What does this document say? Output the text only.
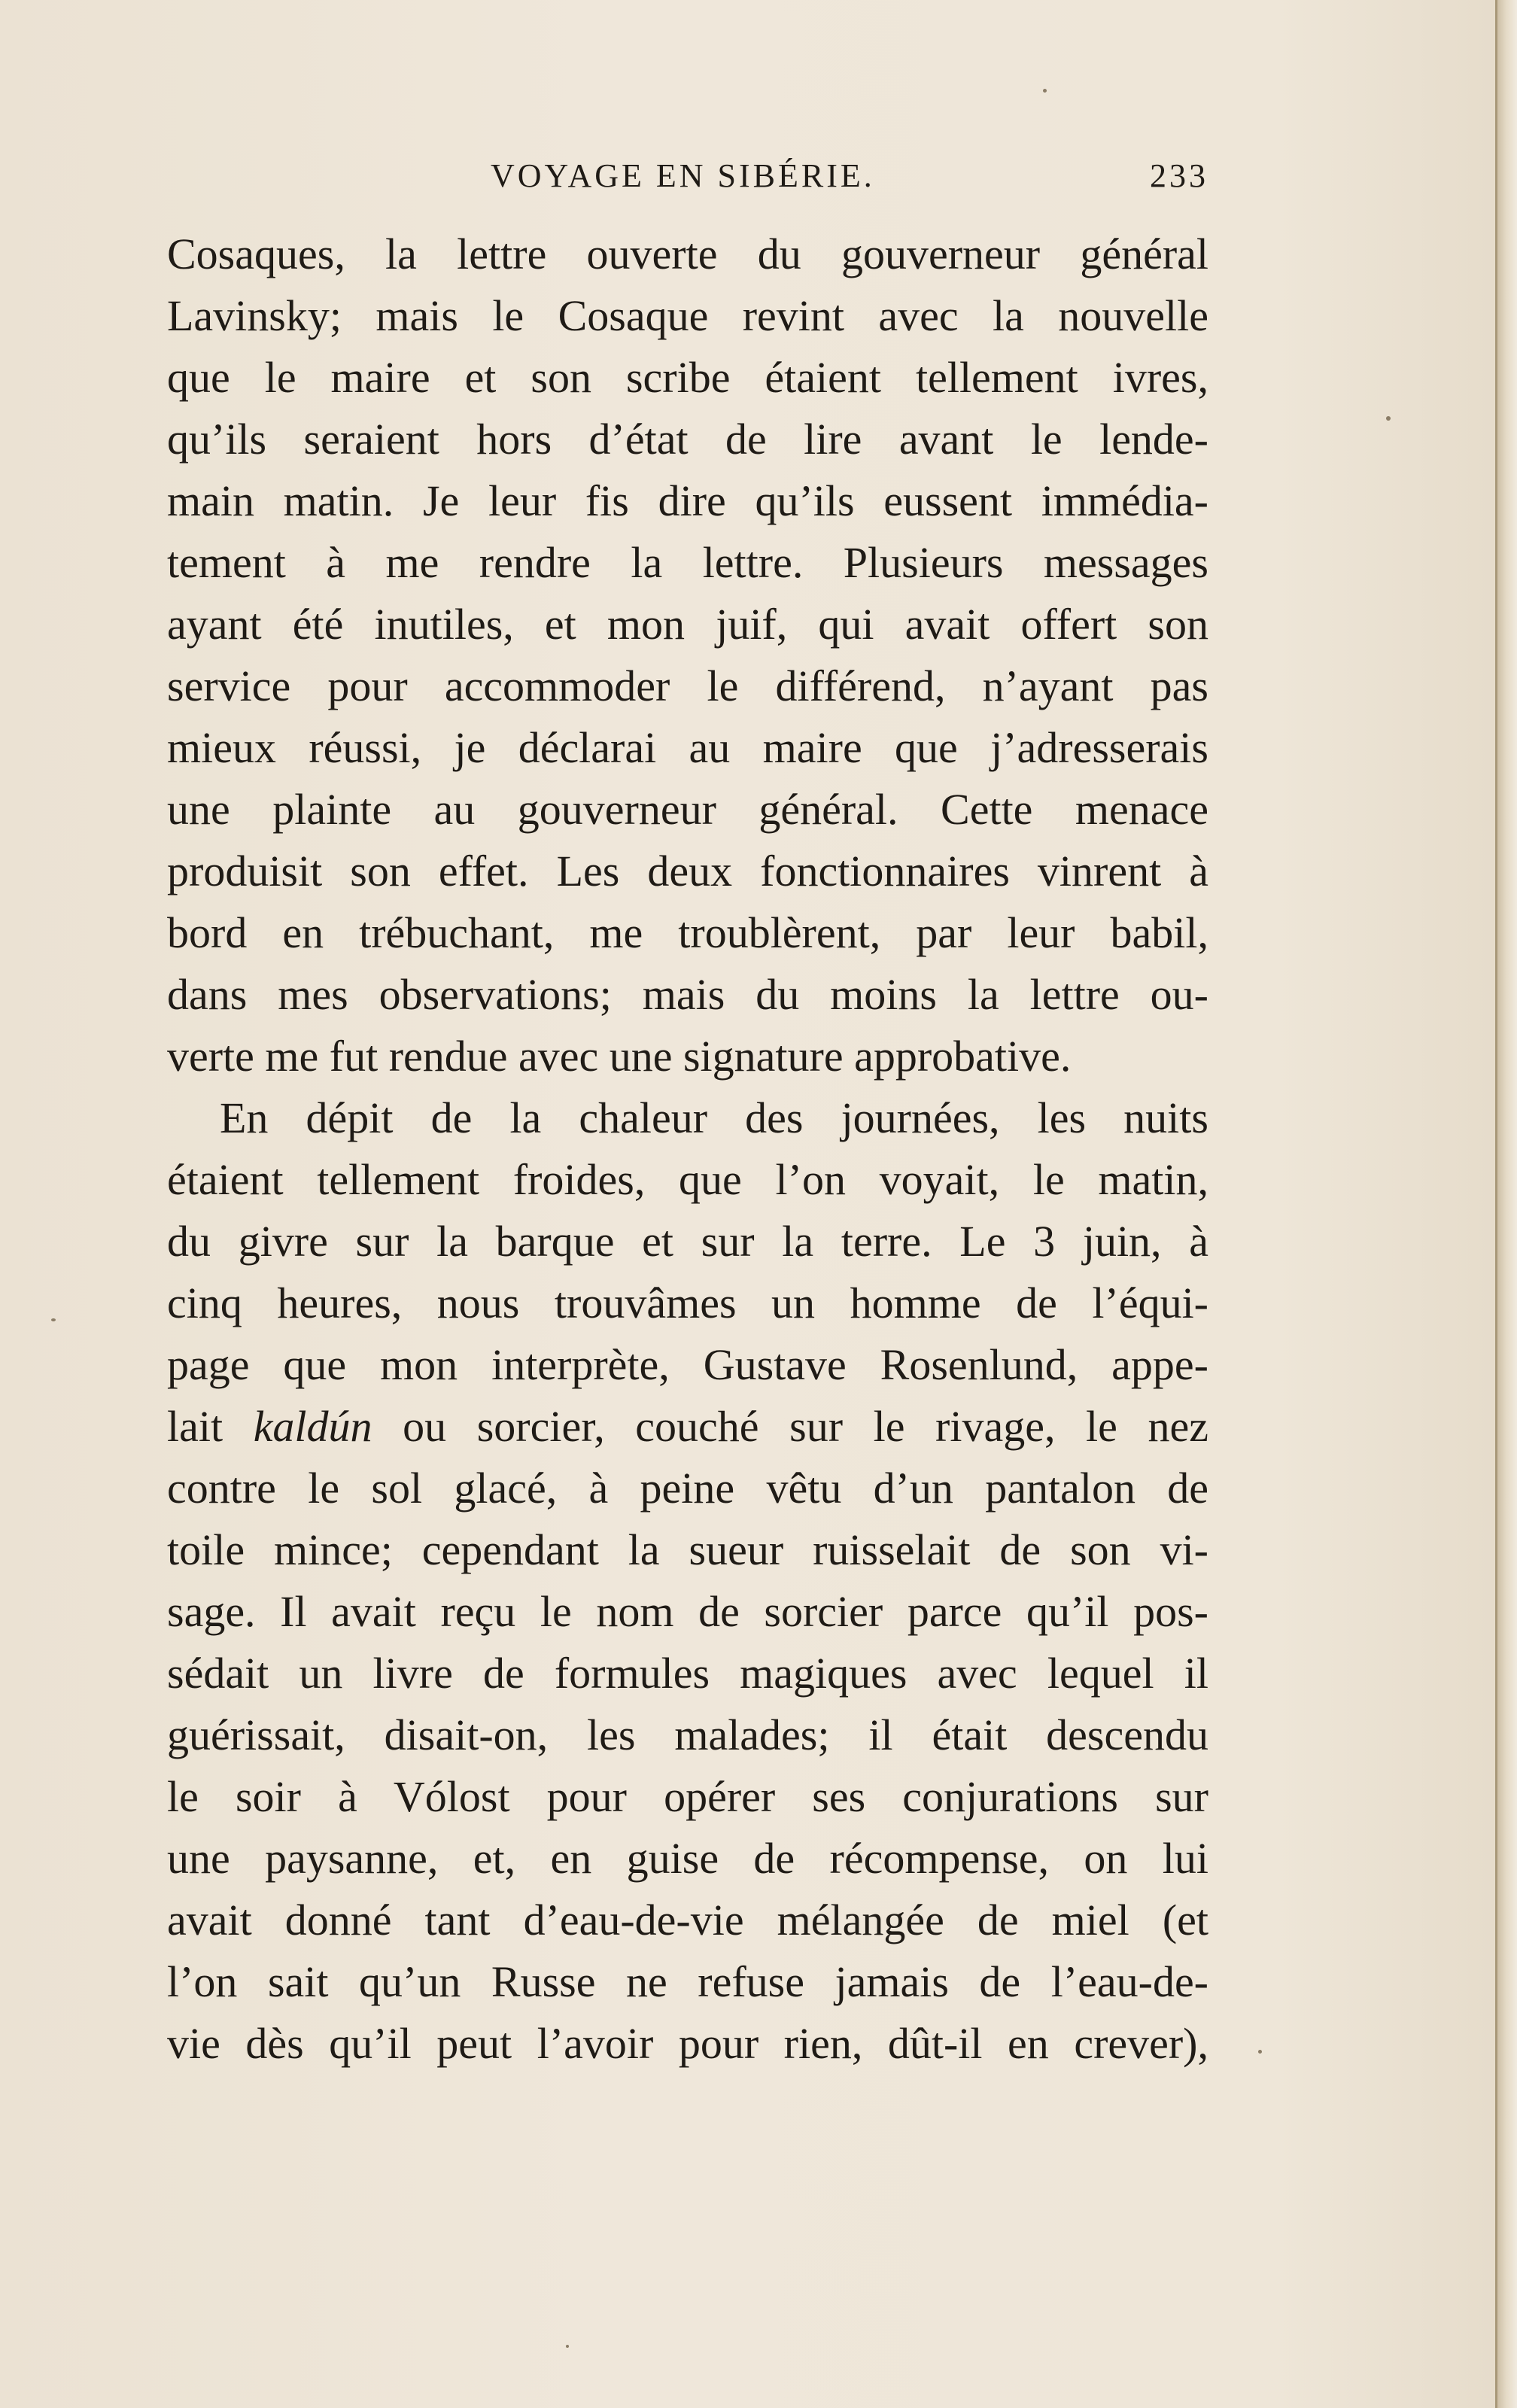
VOYAGE EN SIBÉRIE.	233
Cosaques, la lettre ouverte du gouverneur général
Lavinsky; mais le Cosaque revint avec la nouvelle
que le maire et son scribe étaient tellement ivres,
qu’ils seraient hors d’état de lire avant le lende-
main matin. Je leur fis dire qu’ils eussent immédia-
tement à me rendre la lettre. Plusieurs messages
ayant été inutiles, et mon juif, qui avait offert son
service pour accommoder le différend, n’ayant pas
mieux réussi, je déclarai au maire que j’adresserais
une plainte au gouverneur général. Cette menace
produisit son effet. Les deux fonctionnaires vinrent à
bord en trébuchant, me troublèrent, par leur babil,
dans mes observations; mais du moins la lettre ou-
verte me fut rendue avec une signature approbative.
En dépit de la chaleur des journées, les nuits
étaient tellement froides, que l’on voyait, le matin,
du givre sur la barque et sur la terre. Le 3 juin, à
cinq heures, nous trouvâmes un homme de l’équi-
page que mon interprète, Gustave Rosenlund, appe-
lait kaldún ou sorcier, couché sur le rivage, le nez
contre le sol glacé, à peine vêtu d’un pantalon de
toile mince; cependant la sueur ruisselait de son vi-
sage. Il avait reçu le nom de sorcier parce qu’il pos-
sédait un livre de formules magiques avec lequel il
guérissait, disait-on, les malades; il était descendu
le soir à Vólost pour opérer ses conjurations sur
une paysanne, et, en guise de récompense, on lui
avait donné tant d’eau-de-vie mélangée de miel (et
l’on sait qu’un Russe ne refuse jamais de l’eau-de-
vie dès qu’il peut l’avoir pour rien, dût-il en crever),
